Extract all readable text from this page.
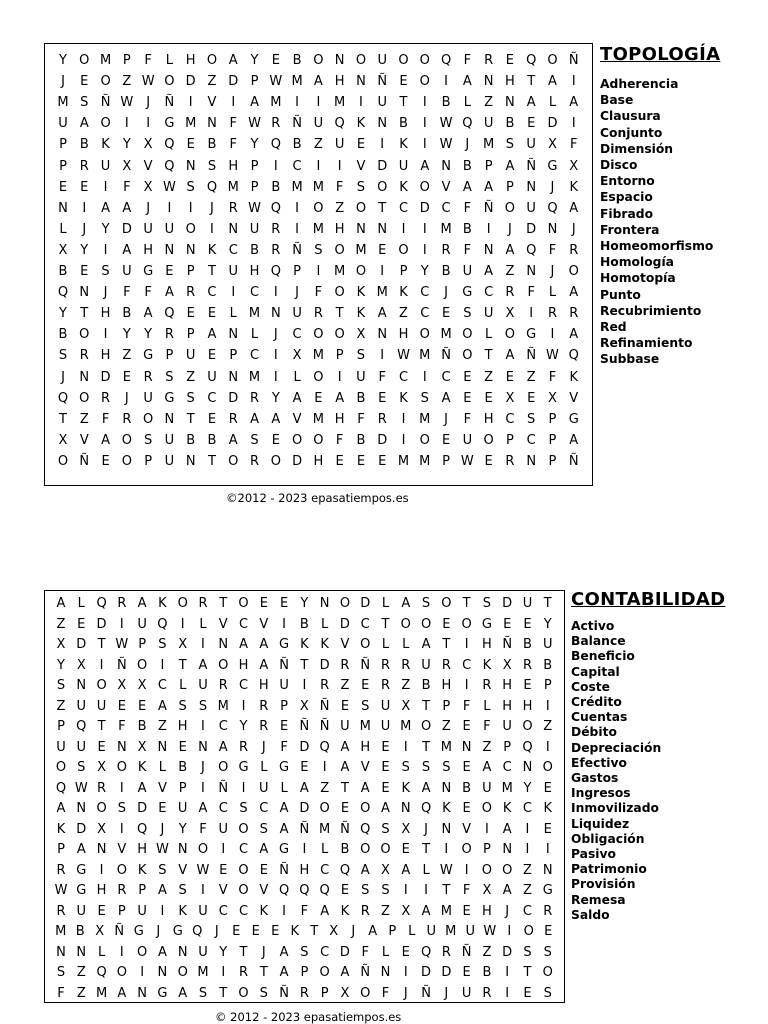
Y O M P	F	L H O A Y	E B O N O U O O Q F	R E Q O Ñ
J	E O Z W O D Z D P W M A H N Ñ E O	I	A N H T A	I
M S Ñ W J	Ñ	I	V	I	A M	I	I	M	I	U T	I	B	L	Z N A	L	A
U A O	I	I	G M N F W R Ñ U Q K N B	I W Q U B E D	I
P B K	Y X Q E B	F	Y Q B Z U E	I	K	I W J	M S U X	F
P R U X V Q N S H P	I	C	I	I	V D U A N B P A Ñ G X
E	E	I	F	X W S Q M P B M M F	S O K O V A A P N	J	K
N	I	A A	J	I	I	J	R W Q	I	O Z O T C D C	F Ñ O U Q A
L	J	Y D U U O	I	N U R	I	M H N N	I	I	M B	I	J	D N	J
X Y	I	A H N N K C B R Ñ S O M E O	I	R	F N A Q F	R
B E	S U G E	P	T U H Q P	I	M O	I	P	Y B U A Z N	J	O
Q N	J	F	F	A R C	I	C	I	J	F O K M K C	J	G C R	F	L	A
Y	T H B A Q E	E	L M N U R T	K A Z C E	S U X	I	R R
B O	I	Y	Y R P A N L	J	C O O X N H O M O L O G	I	A
S R H Z G P U E	P C	I	X M P	S	I W M Ñ O T A Ñ W Q
J	N D E R S Z U N M	I	L O	I	U F	C	I	C E Z E Z	F	K
Q O R	J	U G S C D R Y A E A B E K S A E	E X E X V
T Z	F	R O N T	E R A A V M H F	R	I	M	J	F H C S	P G
X V A O S U B B A S	E O O F	B D	I	O E U O P C P A
O Ñ E O P U N T O R O D H E	E	E M M P W E R N P Ñ
TOPOLOGÍA
Adherencia
Base
Clausura
Conjunto
Dimensión
Disco
Entorno
Espacio
Fibrado
Frontera
Homeomorfismo
Homología
Homotopía
Punto
Recubrimiento
Red
Refinamiento
Subbase
©2012 - 2023 epasatiempos.es
A L Q R A K O R T O E E Y N O D L A S O T S D U T
Z E D	I	U Q	I	L V C V	I	B L D C T O O E O G E E Y
X D T W P S X	I	N A A G K K V O L	L A T	I	H Ñ B U
Y X	I	Ñ O	I	T A O H A Ñ T D R Ñ R R U R C K X R B
S N O X X C L U R C H U	I	R Z E R Z B H	I	R H E P
Z U U E E A S S M I	R P X Ñ E S U X T P F L H H	I
P Q T F B Z H	I	C Y R E Ñ Ñ U M U M O Z E F U O Z
U U E N X N E N A R	J	F D Q A H E	I	T M N Z P Q	I
O S X O K L B	J	O G L G E	I	A V E S S S E A C N O
Q W R	I	A V P	I	Ñ	I	U L A Z T A E K A N B U M Y E
A N O S D E U A C S C A D O E O A N Q K E O K C K
K D X	I	Q	J	Y F U O S A Ñ M Ñ Q S X	J	N V	I	A	I	E
P A N V H W N O	I	C A G	I	L B O O E T	I	O P N	I	I
R G	I	O K S V W E O E Ñ H C Q A X A L W I	O O Z N
W G H R P A S	I	V O V Q Q Q E S S	I	I	T F X A Z G
R U E P U	I	K U C C K	I	F A K R Z X A M E H	J	C R
M B X Ñ G J G Q J	E E E K T X	J	A P L U M U W I O E
N N L	I	O A N U Y T	J	A S C D F L E Q R Ñ Z D S S
S Z Q O	I	N O M I	R T A P O A Ñ N	I	D D E B	I	T O
F Z M A N G A S T O S Ñ R P X O F	J	Ñ	J	U R	I	E S
CONTABILIDAD
Activo
Balance
Beneficio
Capital
Coste
Crédito
Cuentas
Débito
Depreciación
Efectivo
Gastos
Ingresos
Inmovilizado
Liquidez
Obligación
Pasivo
Patrimonio
Provisión
Remesa
Saldo
© 2012 - 2023 epasatiempos.es
